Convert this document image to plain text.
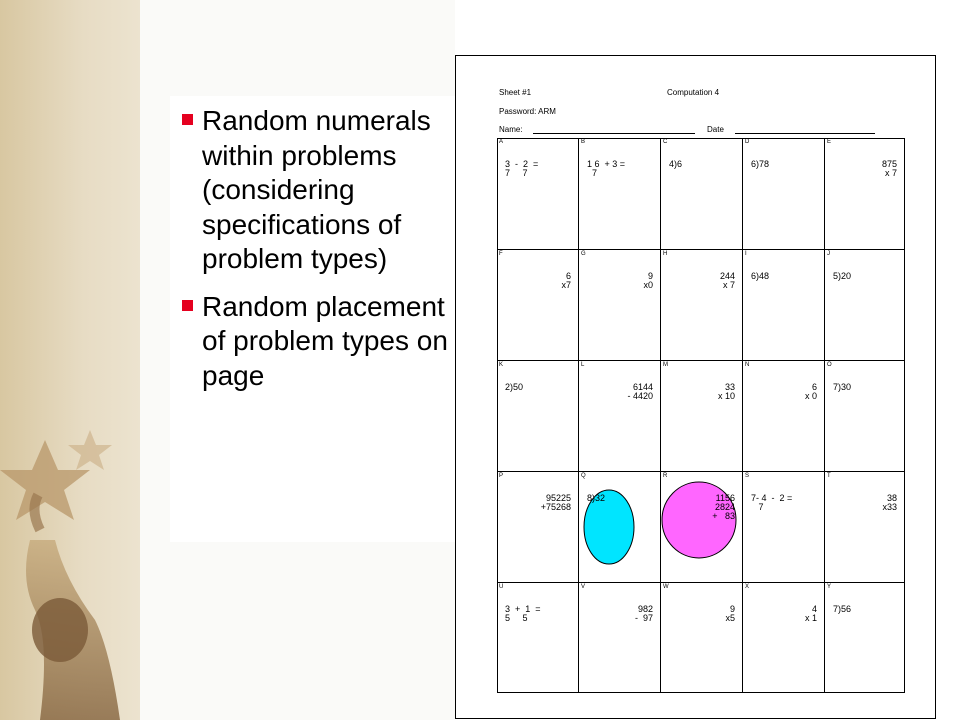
Random numerals within problems (considering specifications of problem types)
Random placement of problem types on page
Sheet #1	Computation 4
Password: ARM
Name:	Date
A
3  -  2  =
7     7
B
1 6  + 3 =
7
C
4)6
D
6)78
E
875
x 7
F
6
x7
G
9
x0
H
244
x 7
I
6)48
J
5)20
K
2)50
L
6144
- 4420
M
33
x 10
N
6
x 0
O
7)30
P
95225
+75268
Q
8)32
R
1156
2824
+   83
S
7- 4  -  2 =
7
T
38
x33
U
3  +  1  =
5     5
V
982
-  97
W
9
x5
X
4
x 1
Y
7)56
